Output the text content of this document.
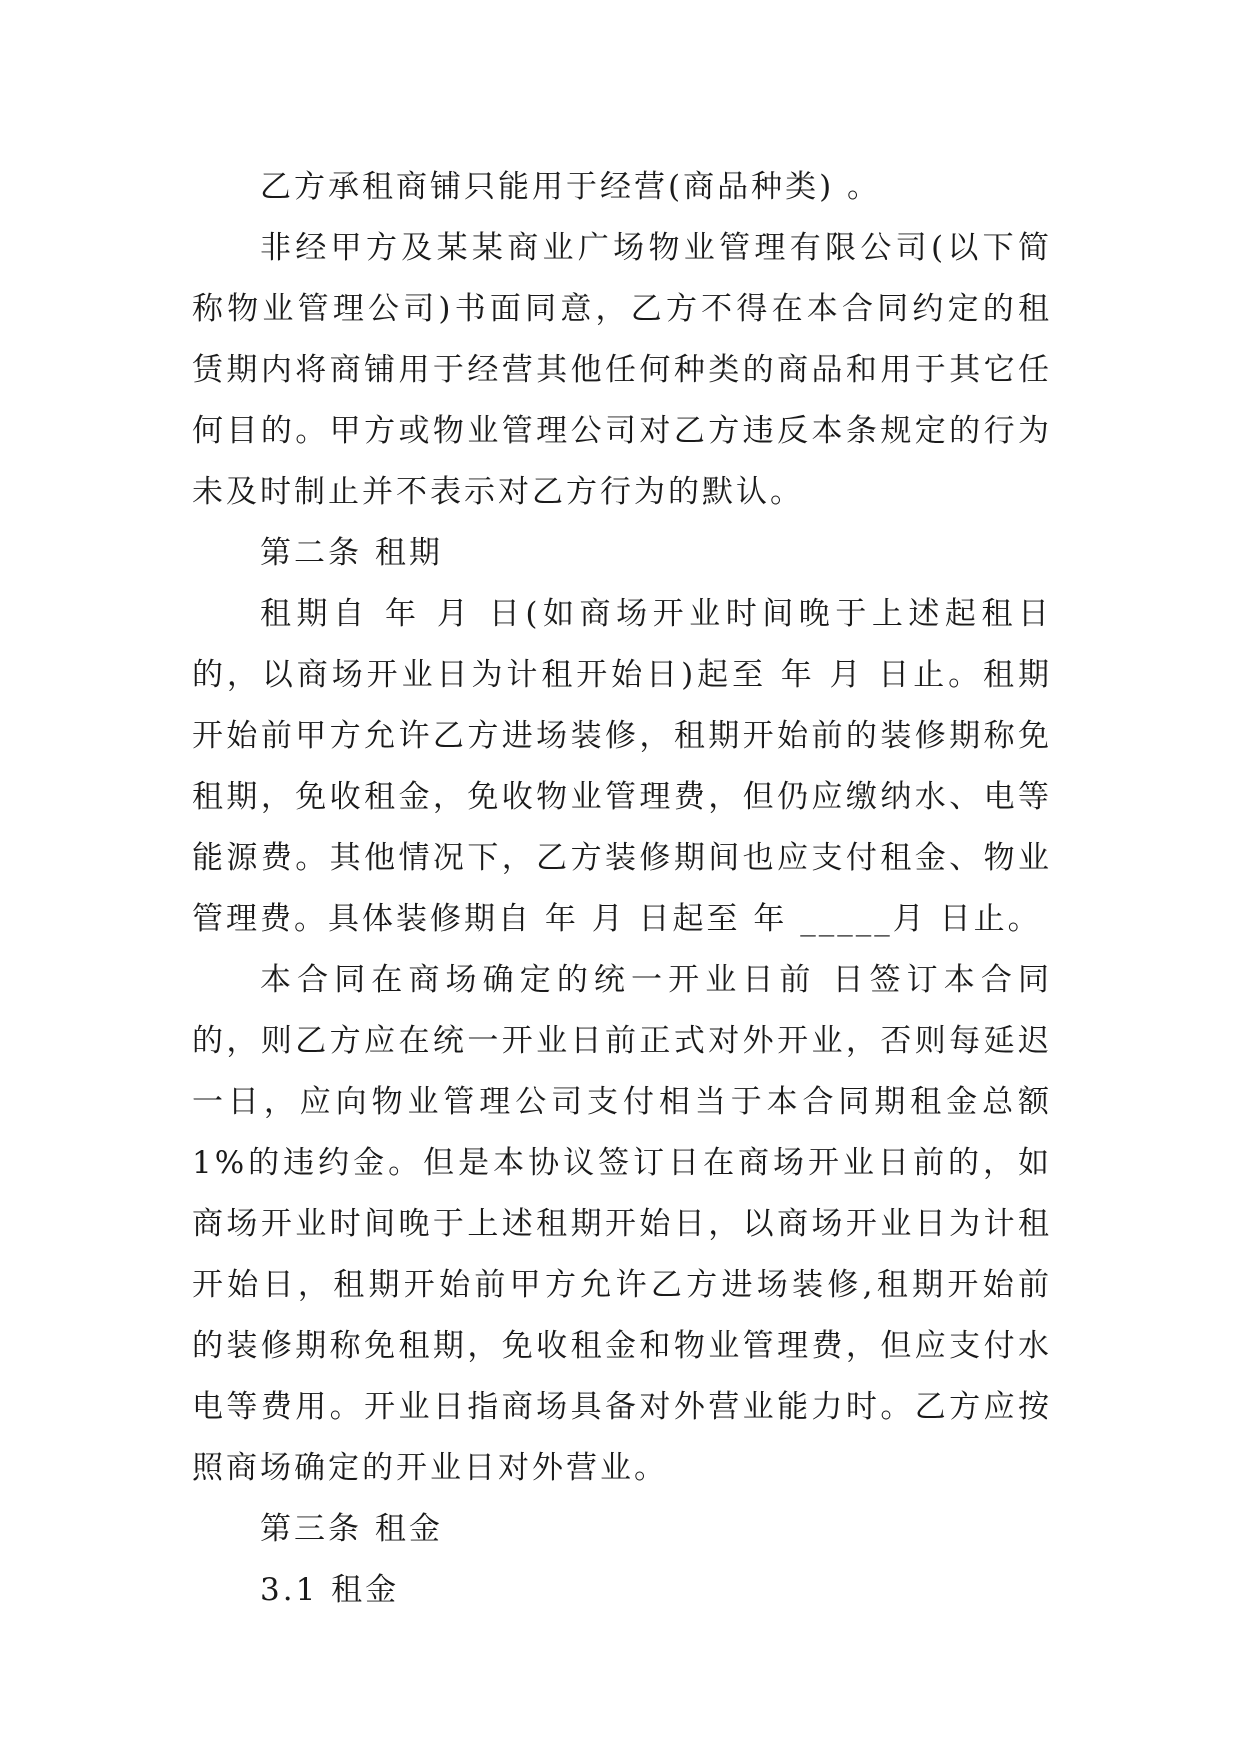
乙方承租商铺只能用于经营(商品种类) 。

非经甲方及某某商业广场物业管理有限公司(以下简称物业管理公司)书面同意，乙方不得在本合同约定的租赁期内将商铺用于经营其他任何种类的商品和用于其它任何目的。甲方或物业管理公司对乙方违反本条规定的行为未及时制止并不表示对乙方行为的默认。

第二条 租期

租期自 年 月 日(如商场开业时间晚于上述起租日的，以商场开业日为计租开始日)起至 年 月 日止。租期开始前甲方允许乙方进场装修，租期开始前的装修期称免租期，免收租金，免收物业管理费，但仍应缴纳水、电等能源费。其他情况下，乙方装修期间也应支付租金、物业管理费。具体装修期自 年 月 日起至 年 _____月 日止。

本合同在商场确定的统一开业日前 日签订本合同的，则乙方应在统一开业日前正式对外开业，否则每延迟一日，应向物业管理公司支付相当于本合同期租金总额 1%的违约金。但是本协议签订日在商场开业日前的，如商场开业时间晚于上述租期开始日，以商场开业日为计租开始日，租期开始前甲方允许乙方进场装修,租期开始前的装修期称免租期，免收租金和物业管理费，但应支付水电等费用。开业日指商场具备对外营业能力时。乙方应按照商场确定的开业日对外营业。

第三条 租金

3.1 租金
